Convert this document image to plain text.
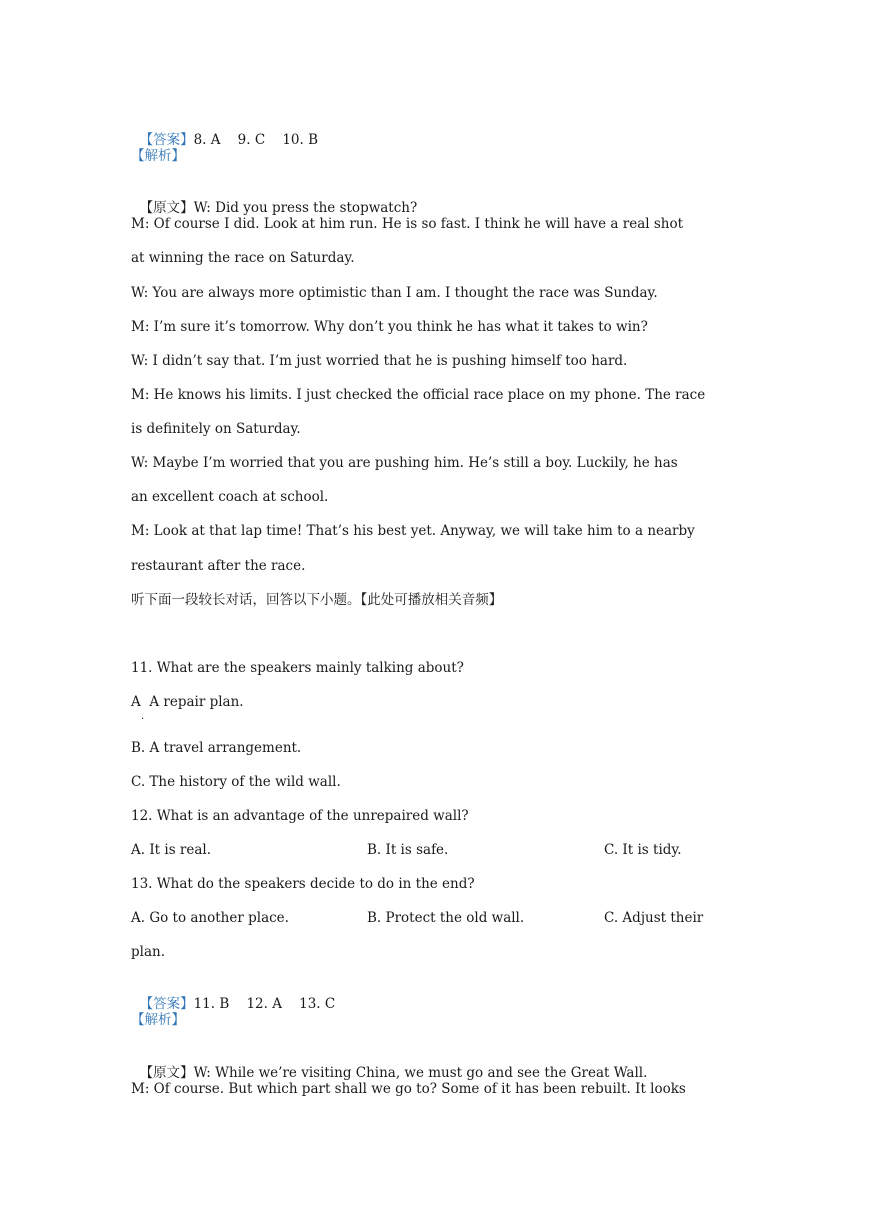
【答案】8. A    9. C    10. B

【解析】

【原文】W: Did you press the stopwatch?

M: Of course I did. Look at him run. He is so fast. I think he will have a real shot
at winning the race on Saturday.
W: You are always more optimistic than I am. I thought the race was Sunday.
M: I’m sure it’s tomorrow. Why don’t you think he has what it takes to win?
W: I didn’t say that. I’m just worried that he is pushing himself too hard.
M: He knows his limits. I just checked the official race place on my phone. The race
is definitely on Saturday.
W: Maybe I’m worried that you are pushing him. He’s still a boy. Luckily, he has
an excellent coach at school.
M: Look at that lap time! That’s his best yet. Anyway, we will take him to a nearby
restaurant after the race.
听下面一段较长对话，回答以下小题。【此处可播放相关音频】
11. What are the speakers mainly talking about?
A  A repair plan.
·
B. A travel arrangement.
C. The history of the wild wall.
12. What is an advantage of the unrepaired wall?
A. It is real.	B. It is safe.	C. It is tidy.
13. What do the speakers decide to do in the end?
A. Go to another place.	B. Protect the old wall.	C. Adjust their
plan.

【答案】11. B    12. A    13. C

【解析】

【原文】W: While we’re visiting China, we must go and see the Great Wall.

M: Of course. But which part shall we go to? Some of it has been rebuilt. It looks
